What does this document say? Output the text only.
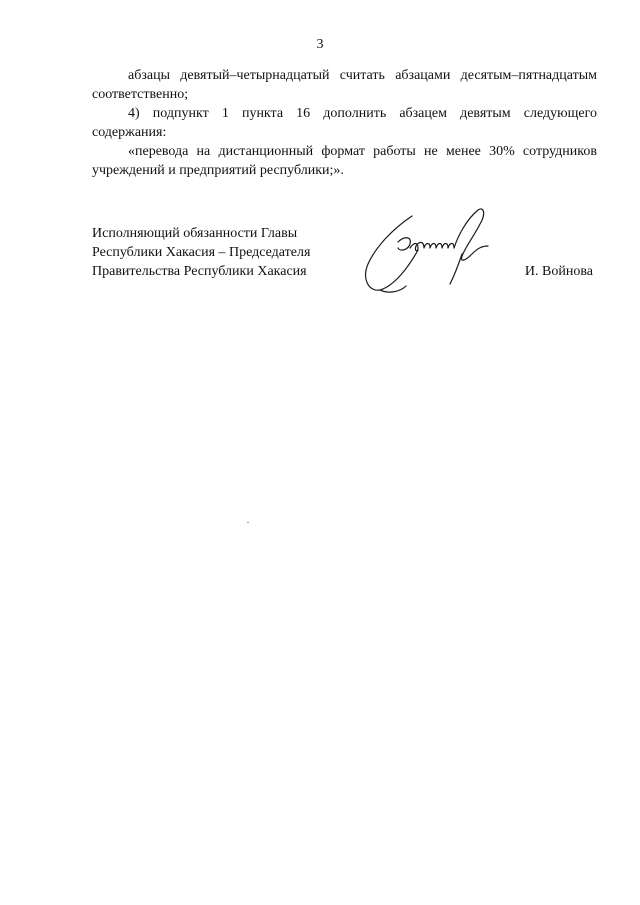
3

абзацы девятый–четырнадцатый считать абзацами десятым–пятнадцатым соответственно;

4) подпункт 1 пункта 16 дополнить абзацем девятым следующего содержания:

«перевода на дистанционный формат работы не менее 30% сотрудников учреждений и предприятий республики;».

Исполняющий обязанности Главы
Республики Хакасия – Председателя
Правительства Республики Хакасия	И. Войнова
